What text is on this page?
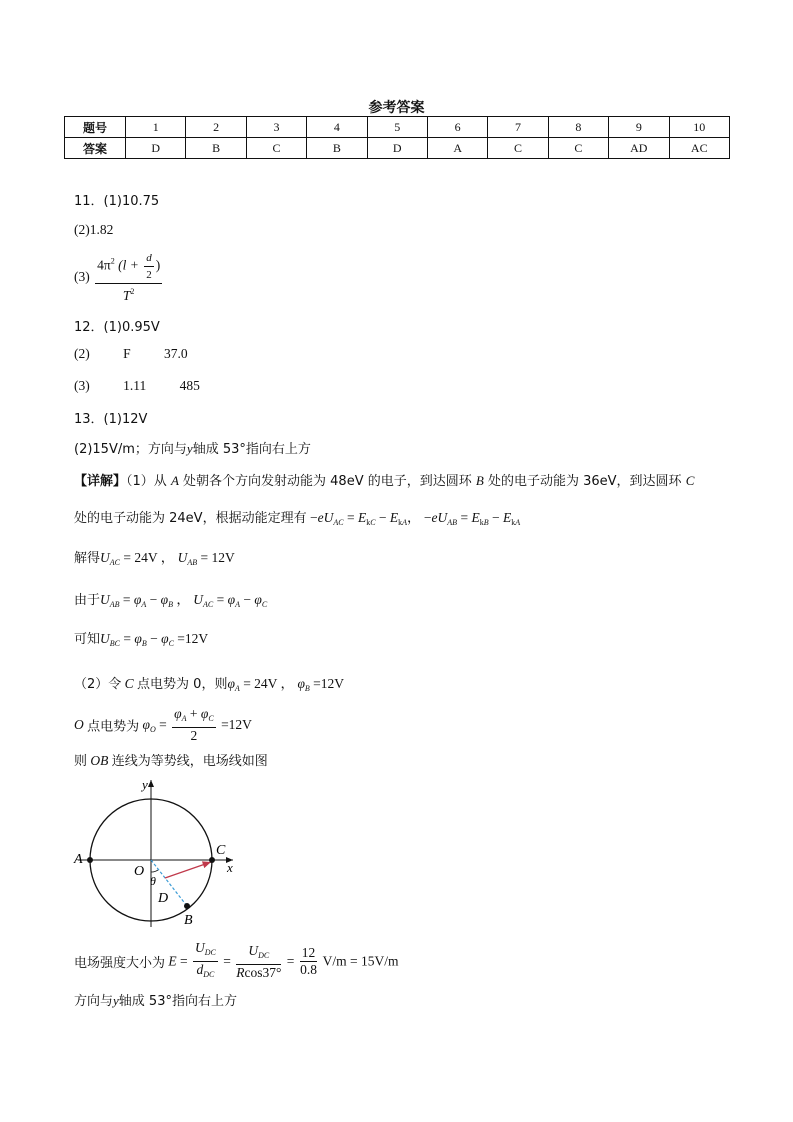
参考答案
题号	1	2	3	4	5	6	7	8	9	10
答案	D	B	C	B	D	A	C	C	AD	AC
11．(1)10.75
(2)1.82
$(3) \frac{4\pi^2 (l + \frac{d}{2} )}{T^2}$
12．(1)0.95V
(2) F 37.0
(3) 1.11 485
13．(1)12V
(2)15V/m；方向与y轴成 53°指向右上方
【详解】（1）从 A 处朝各个方向发射动能为 48eV 的电子，到达圆环 B 处的电子动能为 36eV，到达圆环 C
处的电子动能为 24eV，根据动能定理有 $-eU_{AC} = E_{kC} - E_{kA}$， $-eU_{AB} = E_{kB} - E_{kA}$
解得$U_{AC} = 24V$ ， $U_{AB} = 12V$
由于$U_{AB} = \varphi_A - \varphi_B$ ， $U_{AC} = \varphi_A - \varphi_C$
可知$U_{BC} = \varphi_B - \varphi_C =12V$
（2）令 C 点电势为 0，则$\varphi_A = 24V$ ， $\varphi_B =12V$
O 点电势为 $\varphi_O = \frac{\varphi_A + \varphi_C}{2} =12V$
则 OB 连线为等势线，电场线如图
y
x
A
C
O
θ
D
B
电场强度大小为 $E = \frac{U_{DC}}{d_{DC}} = \frac{U_{DC}}{Rcos37^\circ} = \frac{12}{0.8} V/m = 15V/m$
方向与y轴成 53°指向右上方
